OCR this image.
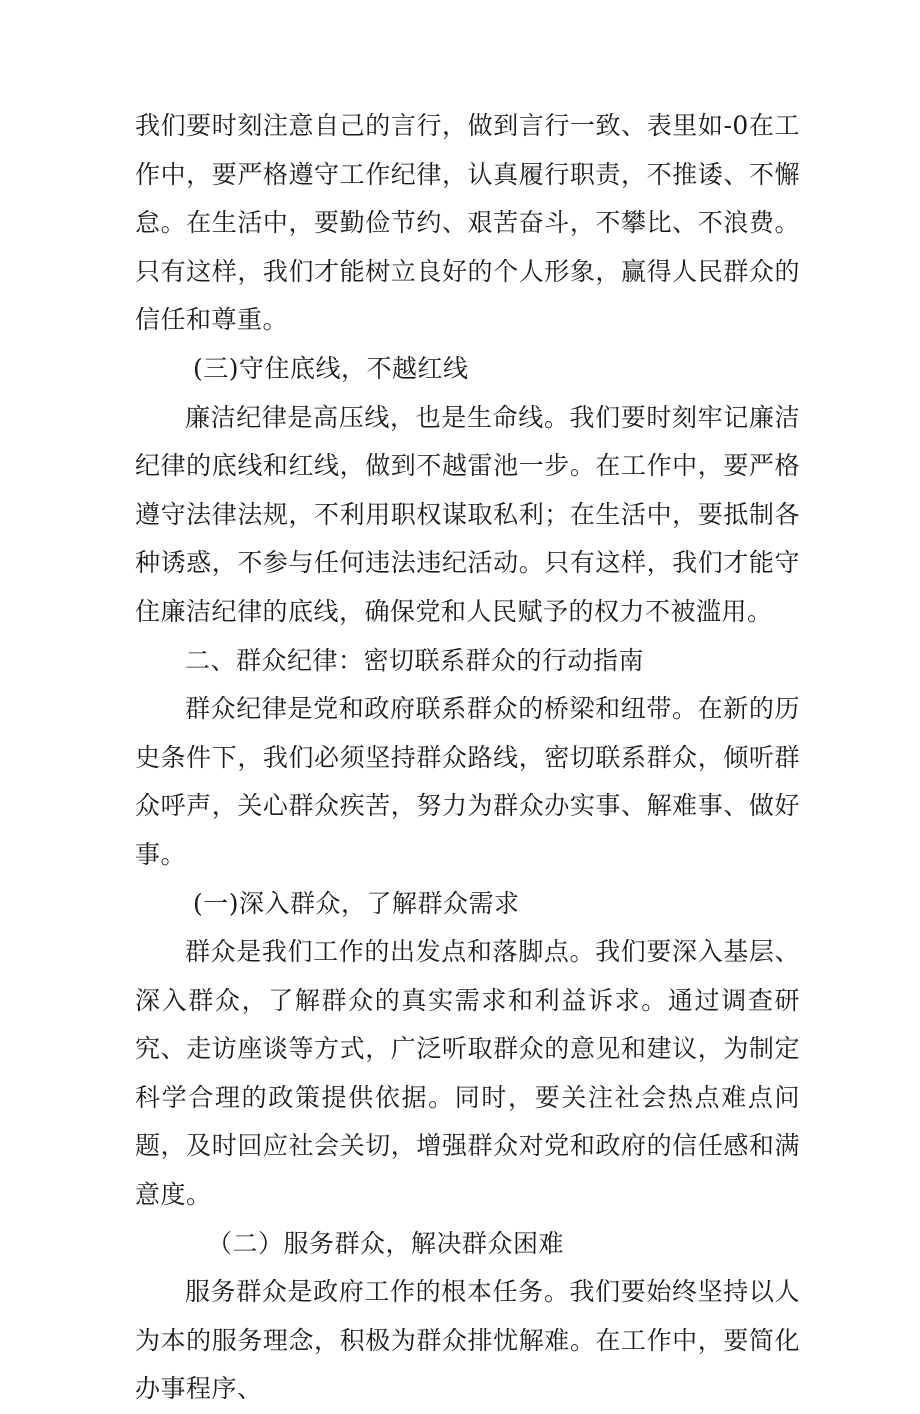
我们要时刻注意自己的言行，做到言行一致、表里如-0在工作中，要严格遵守工作纪律，认真履行职责，不推诿、不懈怠。在生活中，要勤俭节约、艰苦奋斗，不攀比、不浪费。只有这样，我们才能树立良好的个人形象，赢得人民群众的信任和尊重。

(三)守住底线，不越红线

廉洁纪律是高压线，也是生命线。我们要时刻牢记廉洁纪律的底线和红线，做到不越雷池一步。在工作中，要严格遵守法律法规，不利用职权谋取私利；在生活中，要抵制各种诱惑，不参与任何违法违纪活动。只有这样，我们才能守住廉洁纪律的底线，确保党和人民赋予的权力不被滥用。

二、群众纪律：密切联系群众的行动指南

群众纪律是党和政府联系群众的桥梁和纽带。在新的历史条件下，我们必须坚持群众路线，密切联系群众，倾听群众呼声，关心群众疾苦，努力为群众办实事、解难事、做好事。

(一)深入群众，了解群众需求

群众是我们工作的出发点和落脚点。我们要深入基层、深入群众，了解群众的真实需求和利益诉求。通过调查研究、走访座谈等方式，广泛听取群众的意见和建议，为制定科学合理的政策提供依据。同时，要关注社会热点难点问题，及时回应社会关切，增强群众对党和政府的信任感和满意度。

（二）服务群众，解决群众困难

服务群众是政府工作的根本任务。我们要始终坚持以人为本的服务理念，积极为群众排忧解难。在工作中，要简化办事程序、
